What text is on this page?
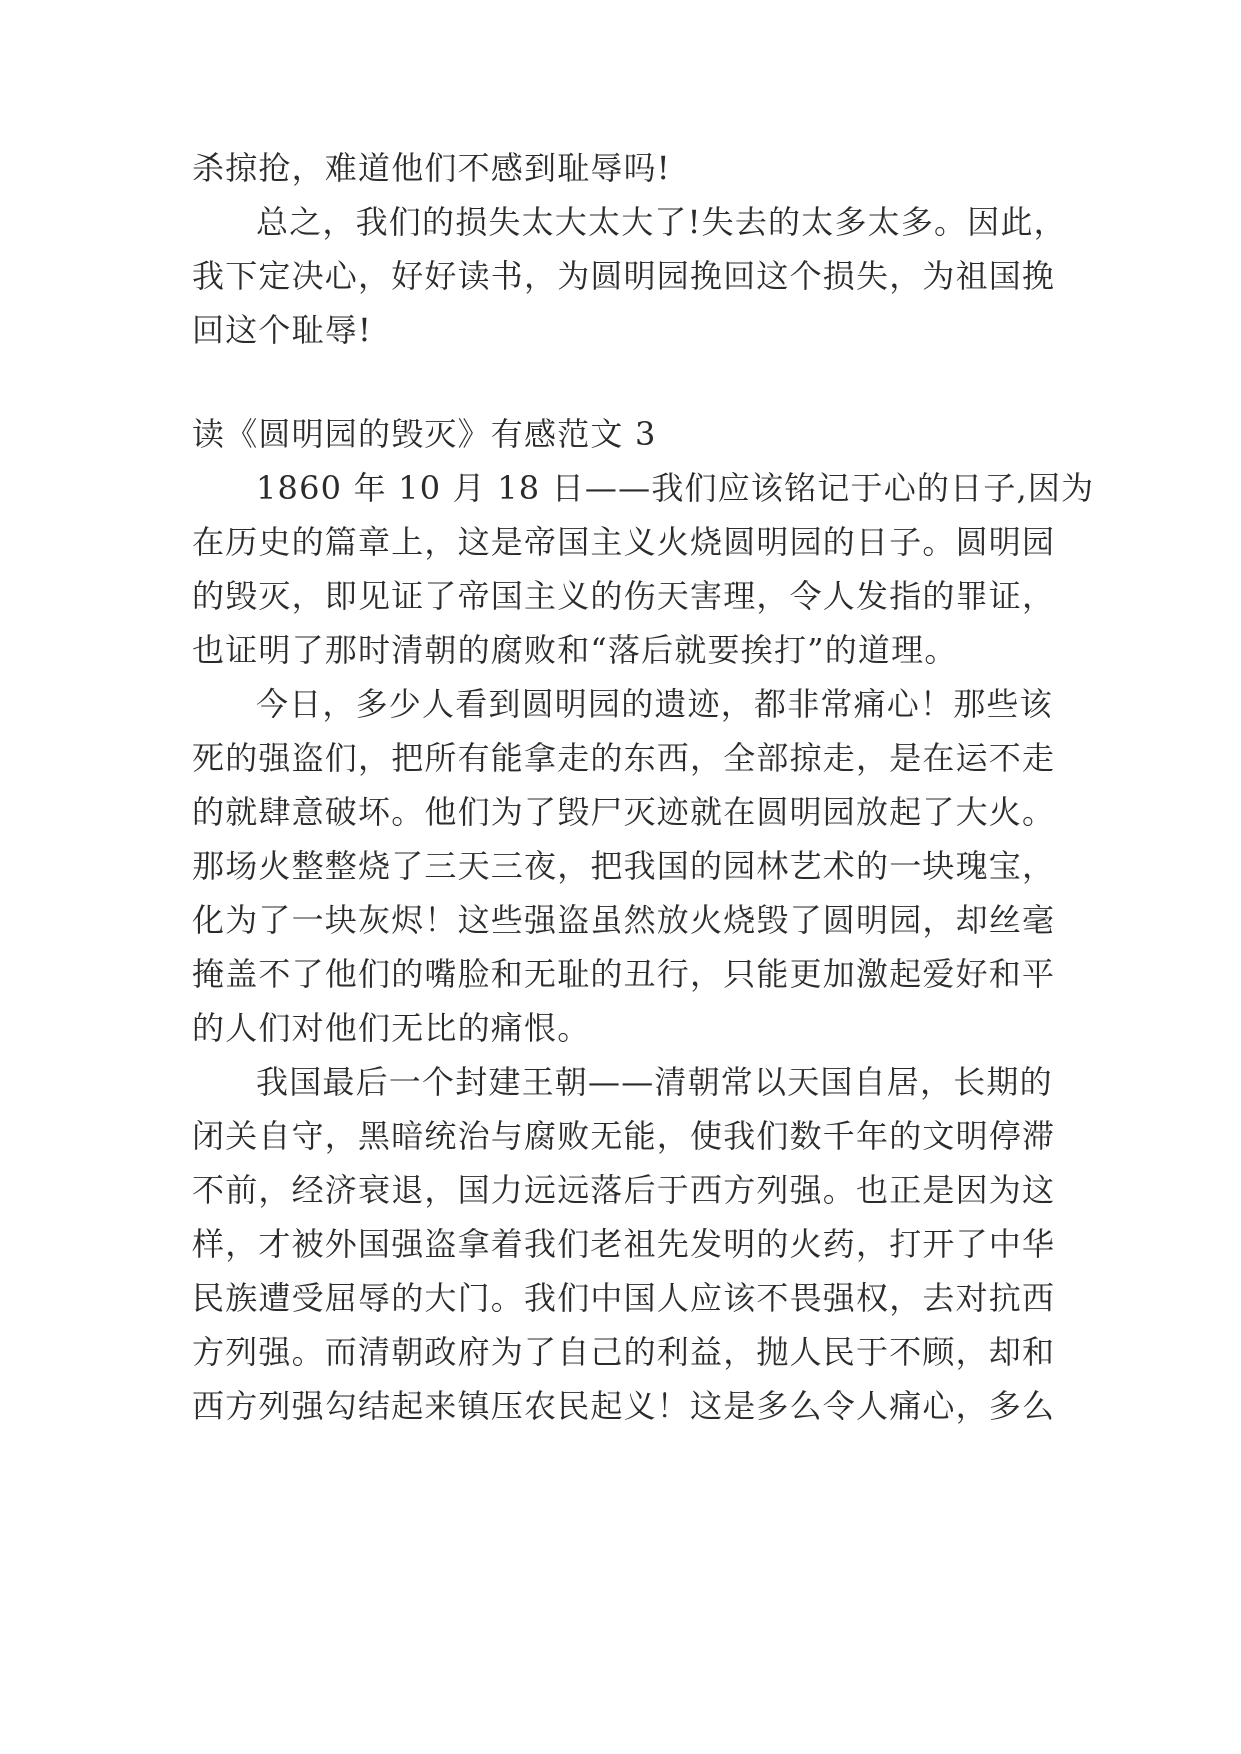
杀掠抢，难道他们不感到耻辱吗!
总之，我们的损失太大太大了!失去的太多太多。因此，
我下定决心，好好读书，为圆明园挽回这个损失，为祖国挽
回这个耻辱!
读《圆明园的毁灭》有感范文 3
1860 年 10 月 18 日——我们应该铭记于心的日子,因为
在历史的篇章上，这是帝国主义火烧圆明园的日子。圆明园
的毁灭，即见证了帝国主义的伤天害理，令人发指的罪证，
也证明了那时清朝的腐败和“落后就要挨打”的道理。
今日，多少人看到圆明园的遗迹，都非常痛心！那些该
死的强盗们，把所有能拿走的东西，全部掠走，是在运不走
的就肆意破坏。他们为了毁尸灭迹就在圆明园放起了大火。
那场火整整烧了三天三夜，把我国的园林艺术的一块瑰宝，
化为了一块灰烬！这些强盗虽然放火烧毁了圆明园，却丝毫
掩盖不了他们的嘴脸和无耻的丑行，只能更加激起爱好和平
的人们对他们无比的痛恨。
我国最后一个封建王朝——清朝常以天国自居，长期的
闭关自守，黑暗统治与腐败无能，使我们数千年的文明停滞
不前，经济衰退，国力远远落后于西方列强。也正是因为这
样，才被外国强盗拿着我们老祖先发明的火药，打开了中华
民族遭受屈辱的大门。我们中国人应该不畏强权，去对抗西
方列强。而清朝政府为了自己的利益，抛人民于不顾，却和
西方列强勾结起来镇压农民起义！这是多么令人痛心，多么
